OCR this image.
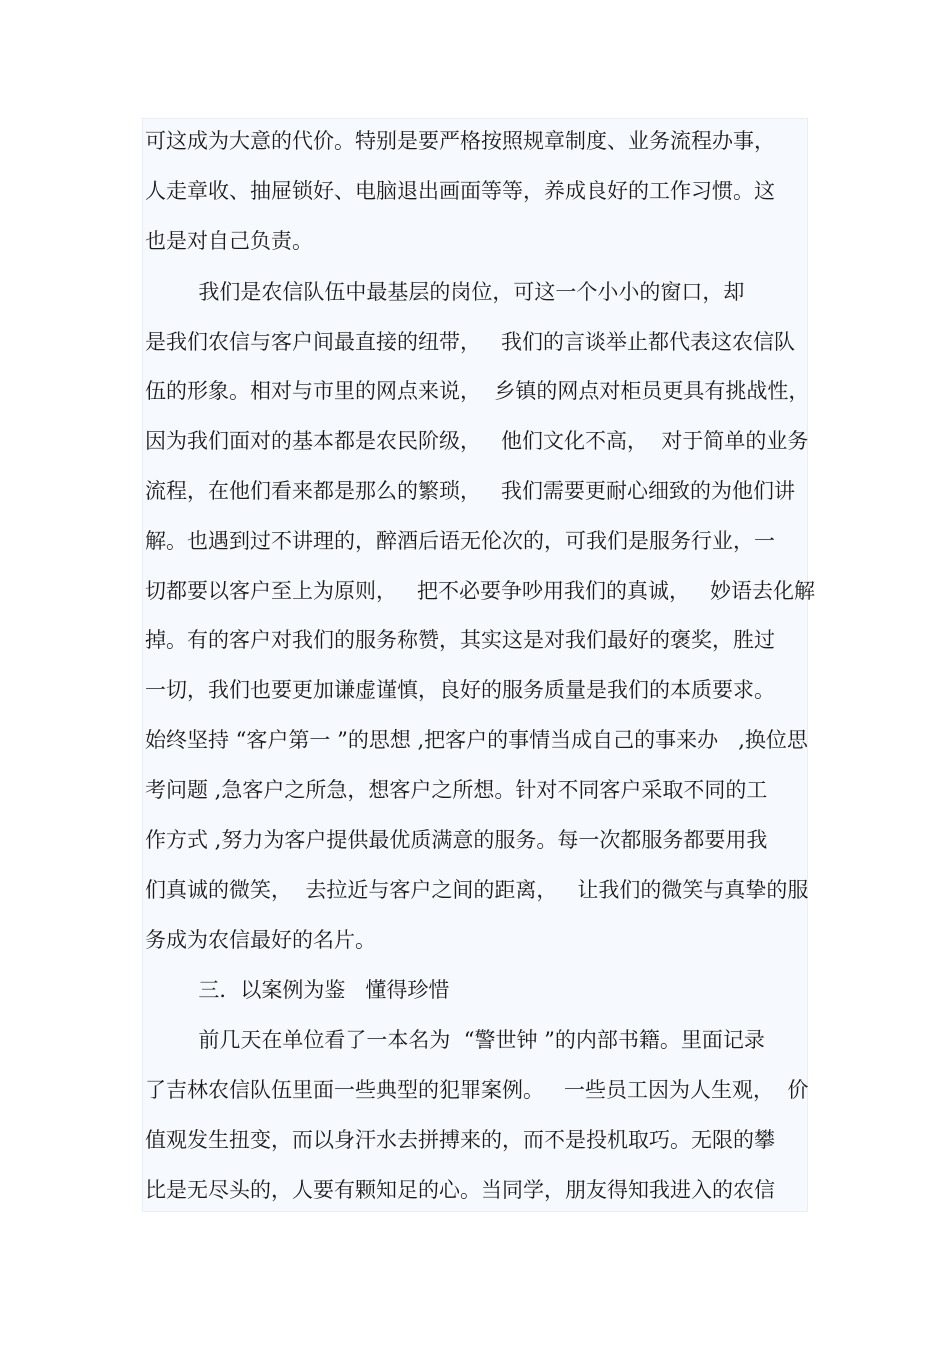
可这成为大意的代价。特别是要严格按照规章制度、业务流程办事，
人走章收、抽屉锁好、电脑退出画面等等，养成良好的工作习惯。这
也是对自己负责。
我们是农信队伍中最基层的岗位，可这一个小小的窗口，却
是我们农信与客户间最直接的纽带，   我们的言谈举止都代表这农信队
伍的形象。相对与市里的网点来说，  乡镇的网点对柜员更具有挑战性，
因为我们面对的基本都是农民阶级，   他们文化不高，  对于简单的业务
流程，在他们看来都是那么的繁琐，   我们需要更耐心细致的为他们讲
解。也遇到过不讲理的，醉酒后语无伦次的，可我们是服务行业，一
切都要以客户至上为原则，   把不必要争吵用我们的真诚，   妙语去化解
掉。有的客户对我们的服务称赞，其实这是对我们最好的褒奖，胜过
一切，我们也要更加谦虚谨慎，良好的服务质量是我们的本质要求。
始终坚持 “客户第一 ”的思想 ,把客户的事情当成自己的事来办   ,换位思
考问题 ,急客户之所急，想客户之所想。针对不同客户采取不同的工
作方式 ,努力为客户提供最优质满意的服务。每一次都服务都要用我
们真诚的微笑，  去拉近与客户之间的距离，   让我们的微笑与真挚的服
务成为农信最好的名片。
三．以案例为鉴   懂得珍惜
前几天在单位看了一本名为  “警世钟 ”的内部书籍。里面记录
了吉林农信队伍里面一些典型的犯罪案例。   一些员工因为人生观，  价
值观发生扭变，而以身汗水去拼搏来的，而不是投机取巧。无限的攀
比是无尽头的，人要有颗知足的心。当同学，朋友得知我进入的农信
